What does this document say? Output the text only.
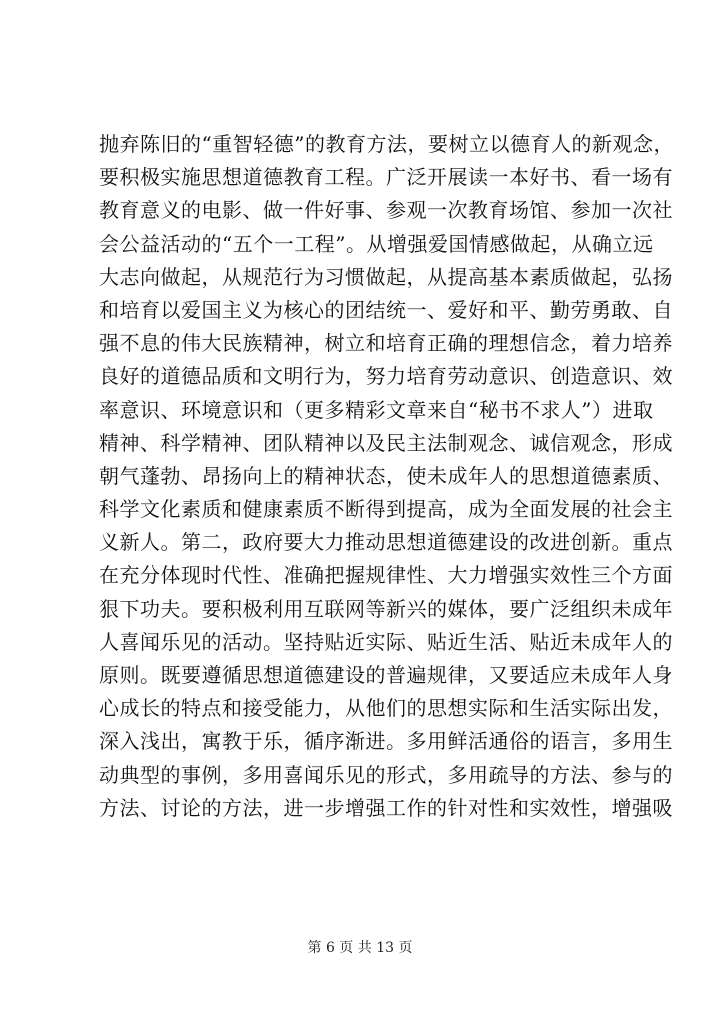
抛弃陈旧的“重智轻德”的教育方法，要树立以德育人的新观念，
要积极实施思想道德教育工程。广泛开展读一本好书、看一场有
教育意义的电影、做一件好事、参观一次教育场馆、参加一次社
会公益活动的“五个一工程”。从增强爱国情感做起，从确立远
大志向做起，从规范行为习惯做起，从提高基本素质做起，弘扬
和培育以爱国主义为核心的团结统一、爱好和平、勤劳勇敢、自
强不息的伟大民族精神，树立和培育正确的理想信念，着力培养
良好的道德品质和文明行为，努力培育劳动意识、创造意识、效
率意识、环境意识和（更多精彩文章来自“秘书不求人”）进取
精神、科学精神、团队精神以及民主法制观念、诚信观念，形成
朝气蓬勃、昂扬向上的精神状态，使未成年人的思想道德素质、
科学文化素质和健康素质不断得到提高，成为全面发展的社会主
义新人。第二，政府要大力推动思想道德建设的改进创新。重点
在充分体现时代性、准确把握规律性、大力增强实效性三个方面
狠下功夫。要积极利用互联网等新兴的媒体，要广泛组织未成年
人喜闻乐见的活动。坚持贴近实际、贴近生活、贴近未成年人的
原则。既要遵循思想道德建设的普遍规律，又要适应未成年人身
心成长的特点和接受能力，从他们的思想实际和生活实际出发，
深入浅出，寓教于乐，循序渐进。多用鲜活通俗的语言，多用生
动典型的事例，多用喜闻乐见的形式，多用疏导的方法、参与的
方法、讨论的方法，进一步增强工作的针对性和实效性，增强吸
第 6 页 共 13 页
